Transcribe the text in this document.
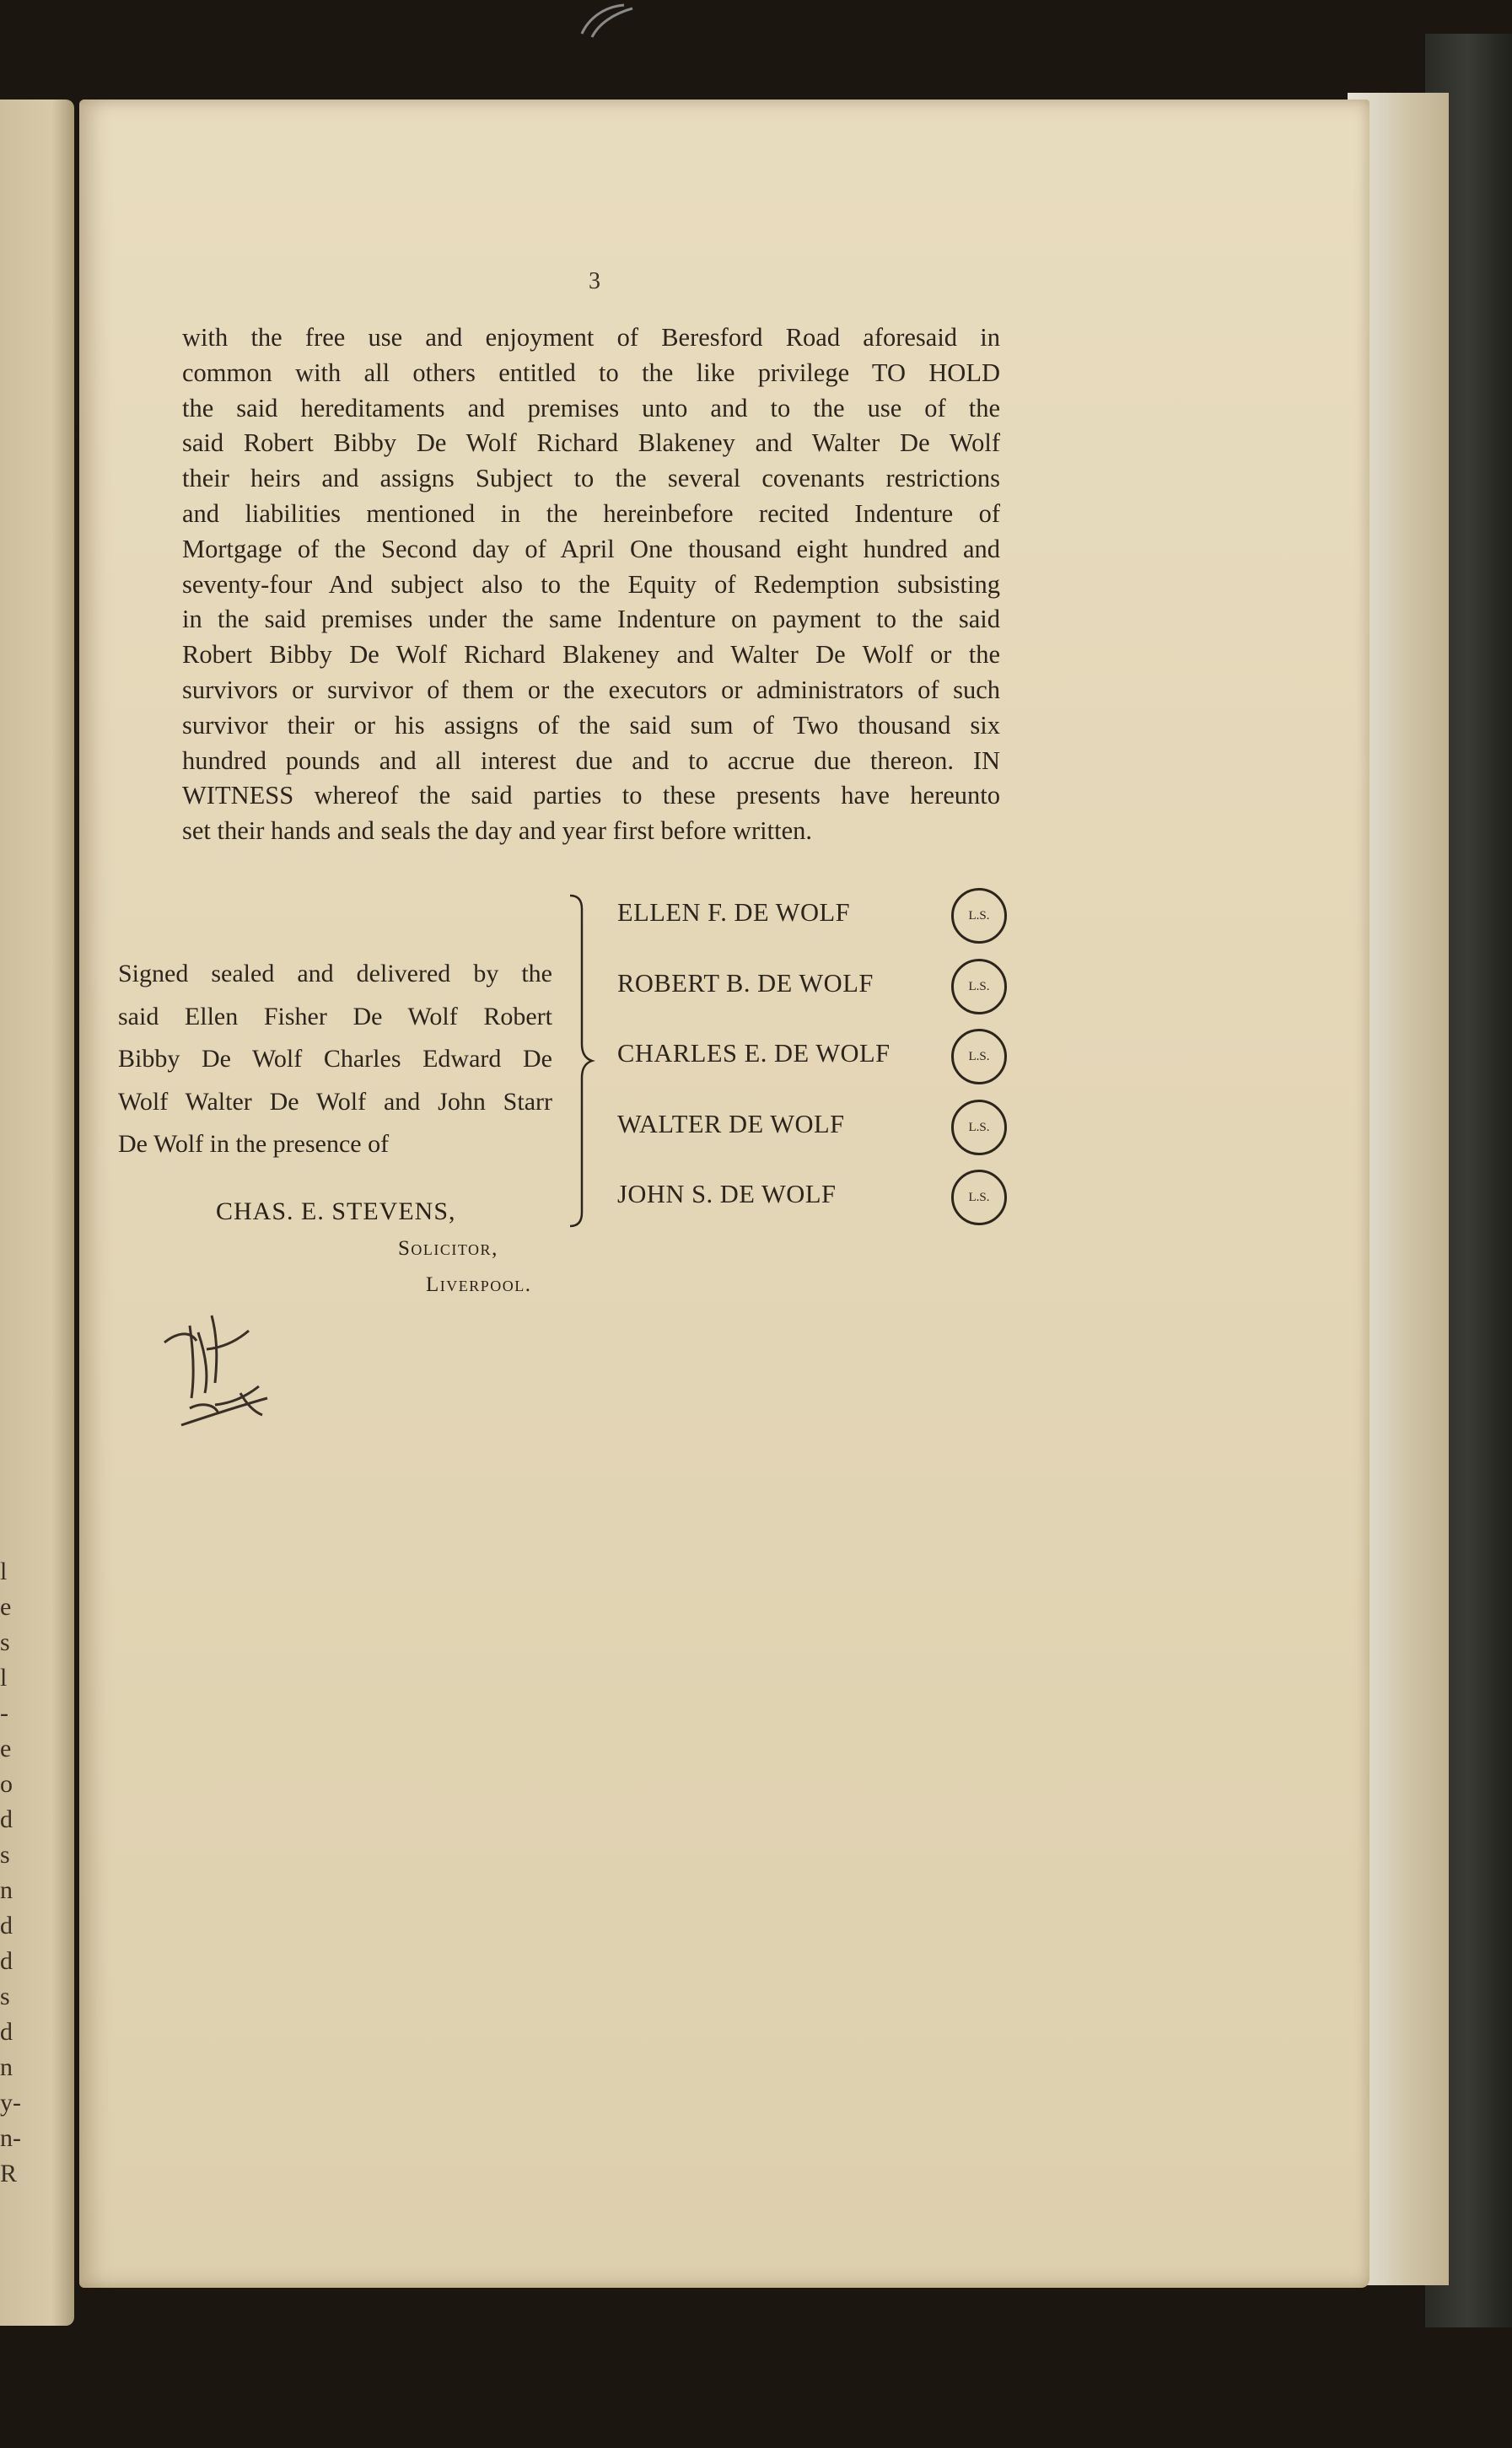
l
e
s
l
-
e
o
d
s
n
d
d
s
d
n
y-
n-
R
3
with the free use and enjoyment of Beresford Road aforesaid in
common with all others entitled to the like privilege TO HOLD
the said hereditaments and premises unto and to the use of the
said Robert Bibby De Wolf Richard Blakeney and Walter De Wolf
their heirs and assigns Subject to the several covenants restrictions
and liabilities mentioned in the hereinbefore recited Indenture of
Mortgage of the Second day of April One thousand eight hundred and
seventy-four And subject also to the Equity of Redemption subsisting
in the said premises under the same Indenture on payment to the said
Robert Bibby De Wolf Richard Blakeney and Walter De Wolf or the
survivors or survivor of them or the executors or administrators of such
survivor their or his assigns of the said sum of Two thousand six
hundred pounds and all interest due and to accrue due thereon. IN
WITNESS whereof the said parties to these presents have hereunto
set their hands and seals the day and year first before written.
Signed sealed and delivered by the
said Ellen Fisher De Wolf Robert
Bibby De Wolf Charles Edward De
Wolf Walter De Wolf and John Starr
De Wolf in the presence of
ELLEN F. DE WOLF	L.S.
ROBERT B. DE WOLF	L.S.
CHARLES E. DE WOLF	L.S.
WALTER DE WOLF	L.S.
JOHN S. DE WOLF	L.S.
CHAS. E. STEVENS,
Solicitor,
Liverpool.
